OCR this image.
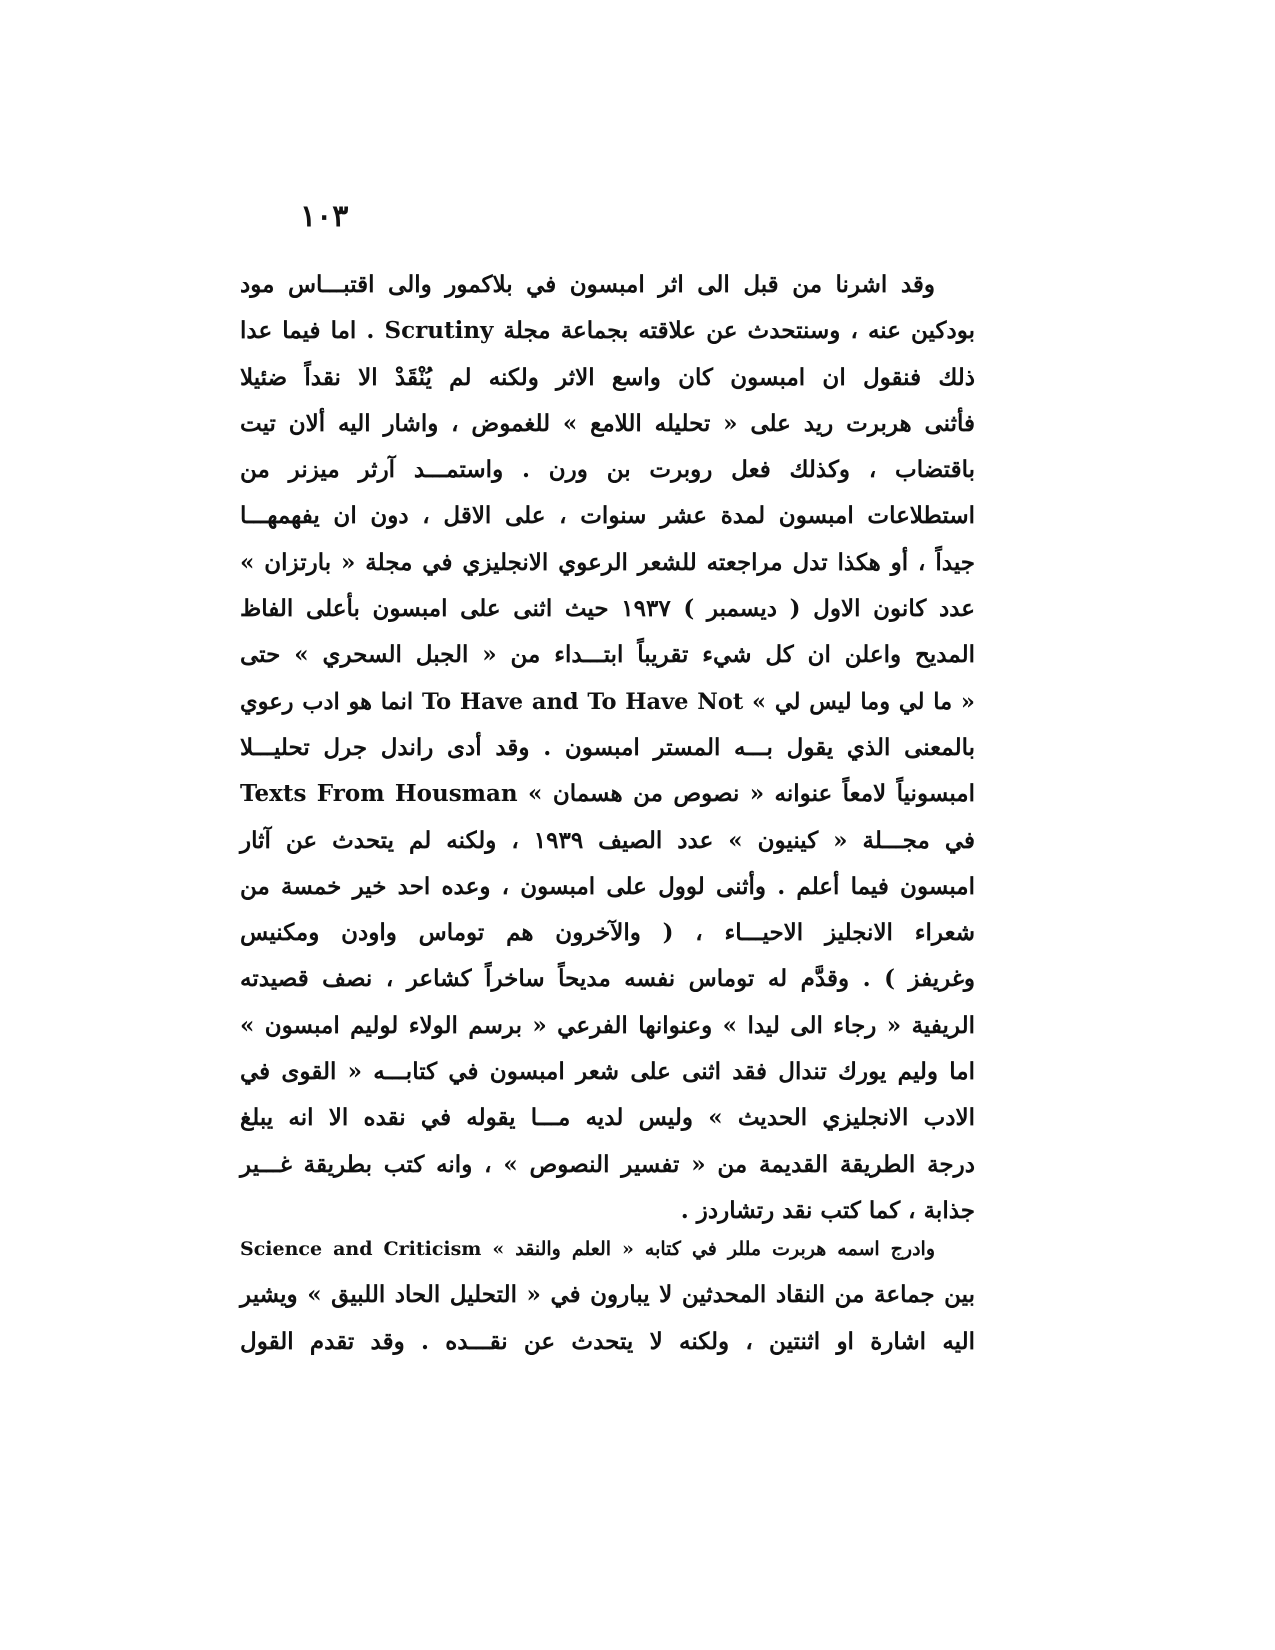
١٠٣
وقد اشرنا من قبل الى اثر امبسون في بلاكمور والى اقتبـــاس مود
بودكين عنه ، وسنتحدث عن علاقته بجماعة مجلة Scrutiny . اما فيما عدا
ذلك فنقول ان امبسون كان واسع الاثر ولكنه لم يُنْقَدْ الا نقداً ضئيلا
فأثنى هربرت ريد على « تحليله اللامع » للغموض ، واشار اليه ألان تيت
باقتضاب ، وكذلك فعل روبرت بن ورن . واستمـــد آرثر ميزنر من
استطلاعات امبسون لمدة عشر سنوات ، على الاقل ، دون ان يفهمهـــا
جيداً ، أو هكذا تدل مراجعته للشعر الرعوي الانجليزي في مجلة « بارتزان »
عدد كانون الاول ( ديسمبر ) ١٩٣٧ حيث اثنى على امبسون بأعلى الفاظ
المديح واعلن ان كل شيء تقريباً ابتـــداء من « الجبل السحري » حتى
« ما لي وما ليس لي » To Have and To Have Not انما هو ادب رعوي
بالمعنى الذي يقول بـــه المستر امبسون . وقد أدى راندل جرل تحليـــلا
امبسونياً لامعاً عنوانه « نصوص من هسمان » Texts From Housman
في مجـــلة « كينيون » عدد الصيف ١٩٣٩ ، ولكنه لم يتحدث عن آثار
امبسون فيما أعلم . وأثنى لوول على امبسون ، وعده احد خير خمسة من
شعراء الانجليز الاحيـــاء ، ( والآخرون هم توماس واودن ومكنيس
وغريفز ) . وقدَّم له توماس نفسه مديحاً ساخراً كشاعر ، نصف قصيدته
الريفية « رجاء الى ليدا » وعنوانها الفرعي « برسم الولاء لوليم امبسون »
اما وليم يورك تندال فقد اثنى على شعر امبسون في كتابـــه « القوى في
الادب الانجليزي الحديث » وليس لديه مـــا يقوله في نقده الا انه يبلغ
درجة الطريقة القديمة من « تفسير النصوص » ، وانه كتب بطريقة غـــير
جذابة ، كما كتب نقد رتشاردز .
وادرج اسمه هربرت مللر في كتابه « العلم والنقد » Science and Criticism
بين جماعة من النقاد المحدثين لا يبارون في « التحليل الحاد اللبيق » ويشير
اليه اشارة او اثنتين ، ولكنه لا يتحدث عن نقـــده . وقد تقدم القول
